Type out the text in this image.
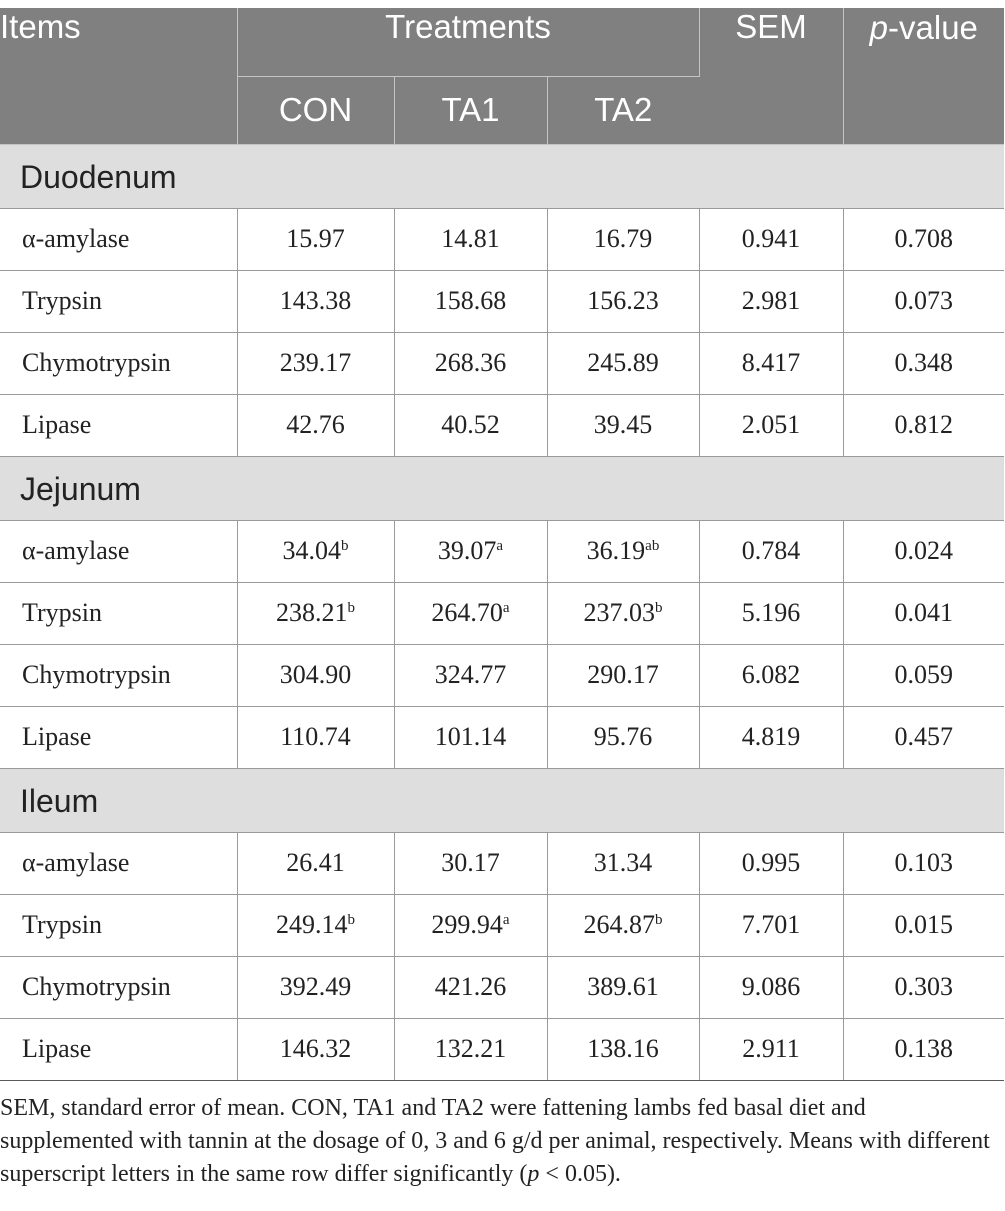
Items	Treatments			SEM	p-value
	CON	TA1	TA2		
Duodenum					
α-amylase	15.97	14.81	16.79	0.941	0.708
Trypsin	143.38	158.68	156.23	2.981	0.073
Chymotrypsin	239.17	268.36	245.89	8.417	0.348
Lipase	42.76	40.52	39.45	2.051	0.812
Jejunum					
α-amylase	34.04$^b$	39.07$^a$	36.19$^{ab}$	0.784	0.024
Trypsin	238.21$^b$	264.70$^a$	237.03$^b$	5.196	0.041
Chymotrypsin	304.90	324.77	290.17	6.082	0.059
Lipase	110.74	101.14	95.76	4.819	0.457
Ileum					
α-amylase	26.41	30.17	31.34	0.995	0.103
Trypsin	249.14$^b$	299.94$^a$	264.87$^b$	7.701	0.015
Chymotrypsin	392.49	421.26	389.61	9.086	0.303
Lipase	146.32	132.21	138.16	2.911	0.138
SEM, standard error of mean. CON, TA1 and TA2 were fattening lambs fed basal diet and supplemented with tannin at the dosage of 0, 3 and 6 g/d per animal, respectively. Means with different superscript letters in the same row differ significantly (p < 0.05).
